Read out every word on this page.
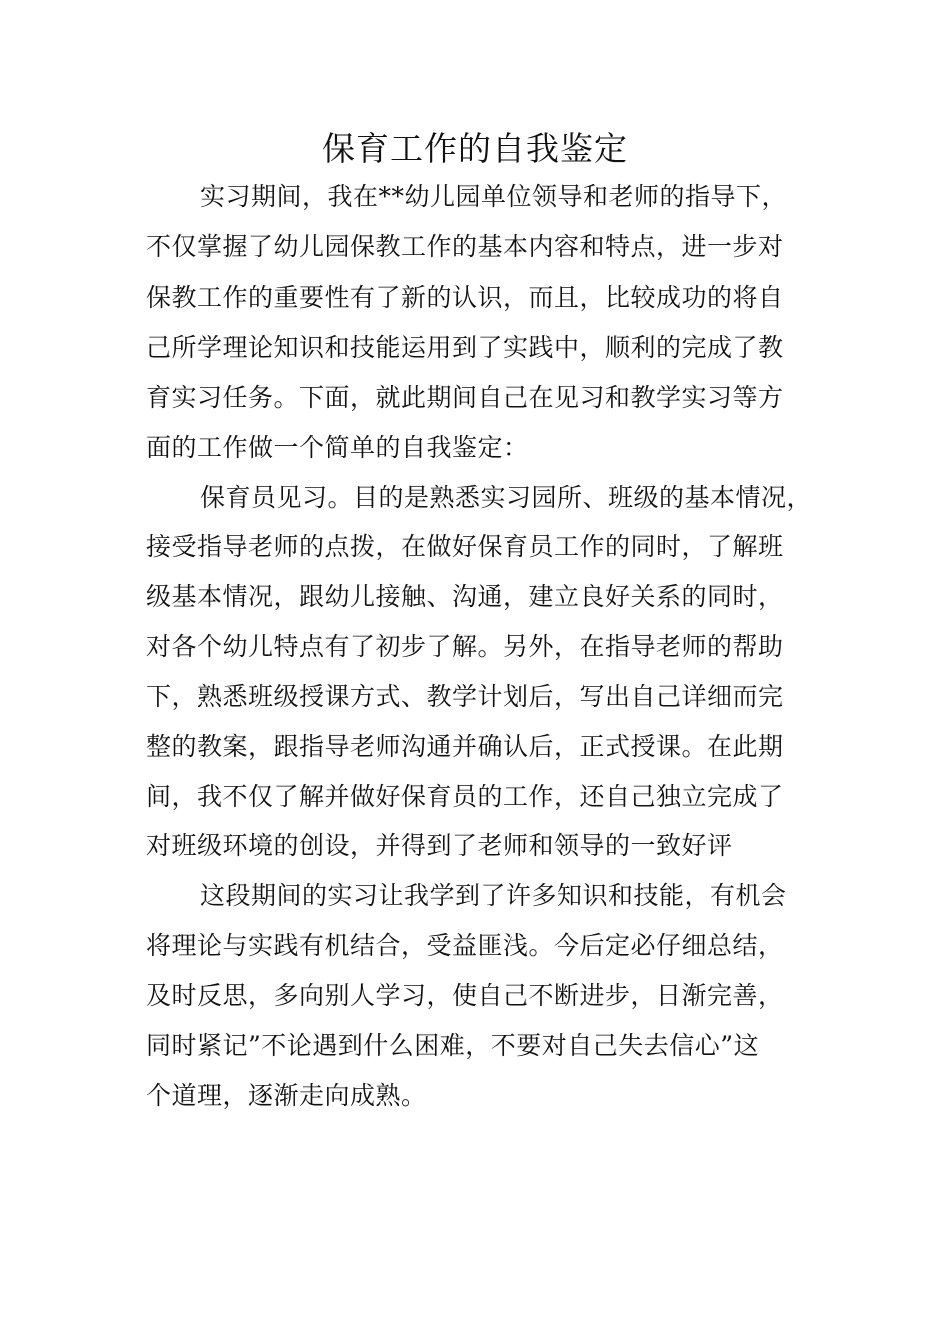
保育工作的自我鉴定
实习期间，我在**幼儿园单位领导和老师的指导下，
不仅掌握了幼儿园保教工作的基本内容和特点，进一步对
保教工作的重要性有了新的认识，而且，比较成功的将自
己所学理论知识和技能运用到了实践中，顺利的完成了教
育实习任务。下面，就此期间自己在见习和教学实习等方
面的工作做一个简单的自我鉴定：
保育员见习。目的是熟悉实习园所、班级的基本情况，
接受指导老师的点拨，在做好保育员工作的同时，了解班
级基本情况，跟幼儿接触、沟通，建立良好关系的同时，
对各个幼儿特点有了初步了解。另外，在指导老师的帮助
下，熟悉班级授课方式、教学计划后，写出自己详细而完
整的教案，跟指导老师沟通并确认后，正式授课。在此期
间，我不仅了解并做好保育员的工作，还自己独立完成了
对班级环境的创设，并得到了老师和领导的一致好评
这段期间的实习让我学到了许多知识和技能，有机会
将理论与实践有机结合，受益匪浅。今后定必仔细总结，
及时反思，多向别人学习，使自己不断进步，日渐完善，
同时紧记”不论遇到什么困难，不要对自己失去信心”这
个道理，逐渐走向成熟。
